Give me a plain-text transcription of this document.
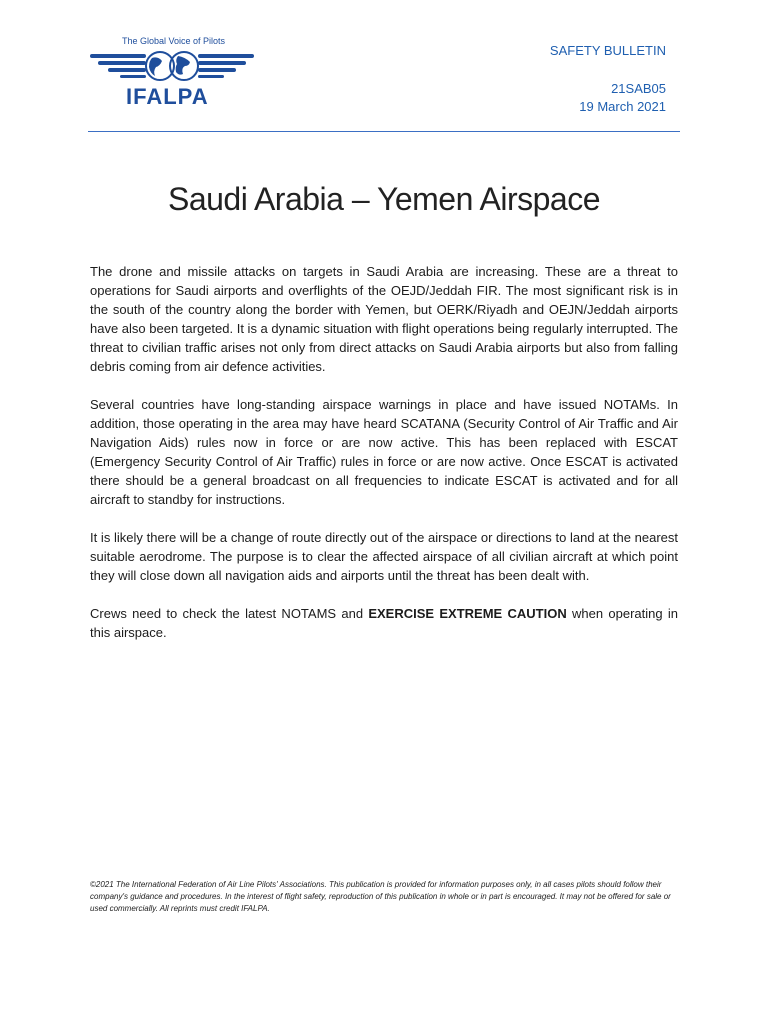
The Global Voice of Pilots
IFALPA
SAFETY BULLETIN
21SAB05
19 March 2021
Saudi Arabia – Yemen Airspace

The drone and missile attacks on targets in Saudi Arabia are increasing. These are a threat to operations for Saudi airports and overflights of the OEJD/Jeddah FIR. The most significant risk is in the south of the country along the border with Yemen, but OERK/Riyadh and OEJN/Jeddah airports have also been targeted. It is a dynamic situation with flight operations being regularly interrupted. The threat to civilian traffic arises not only from direct attacks on Saudi Arabia airports but also from falling debris coming from air defence activities.

Several countries have long-standing airspace warnings in place and have issued NOTAMs. In addition, those operating in the area may have heard SCATANA (Security Control of Air Traffic and Air Navigation Aids) rules now in force or are now active. This has been replaced with ESCAT (Emergency Security Control of Air Traffic) rules in force or are now active. Once ESCAT is activated there should be a general broadcast on all frequencies to indicate ESCAT is activated and for all aircraft to standby for instructions.

It is likely there will be a change of route directly out of the airspace or directions to land at the nearest suitable aerodrome. The purpose is to clear the affected airspace of all civilian aircraft at which point they will close down all navigation aids and airports until the threat has been dealt with.

Crews need to check the latest NOTAMS and EXERCISE EXTREME CAUTION when operating in this airspace.

©2021 The International Federation of Air Line Pilots' Associations. This publication is provided for information purposes only, in all cases pilots should follow their company's guidance and procedures. In the interest of flight safety, reproduction of this publication in whole or in part is encouraged. It may not be offered for sale or used commercially. All reprints must credit IFALPA.
